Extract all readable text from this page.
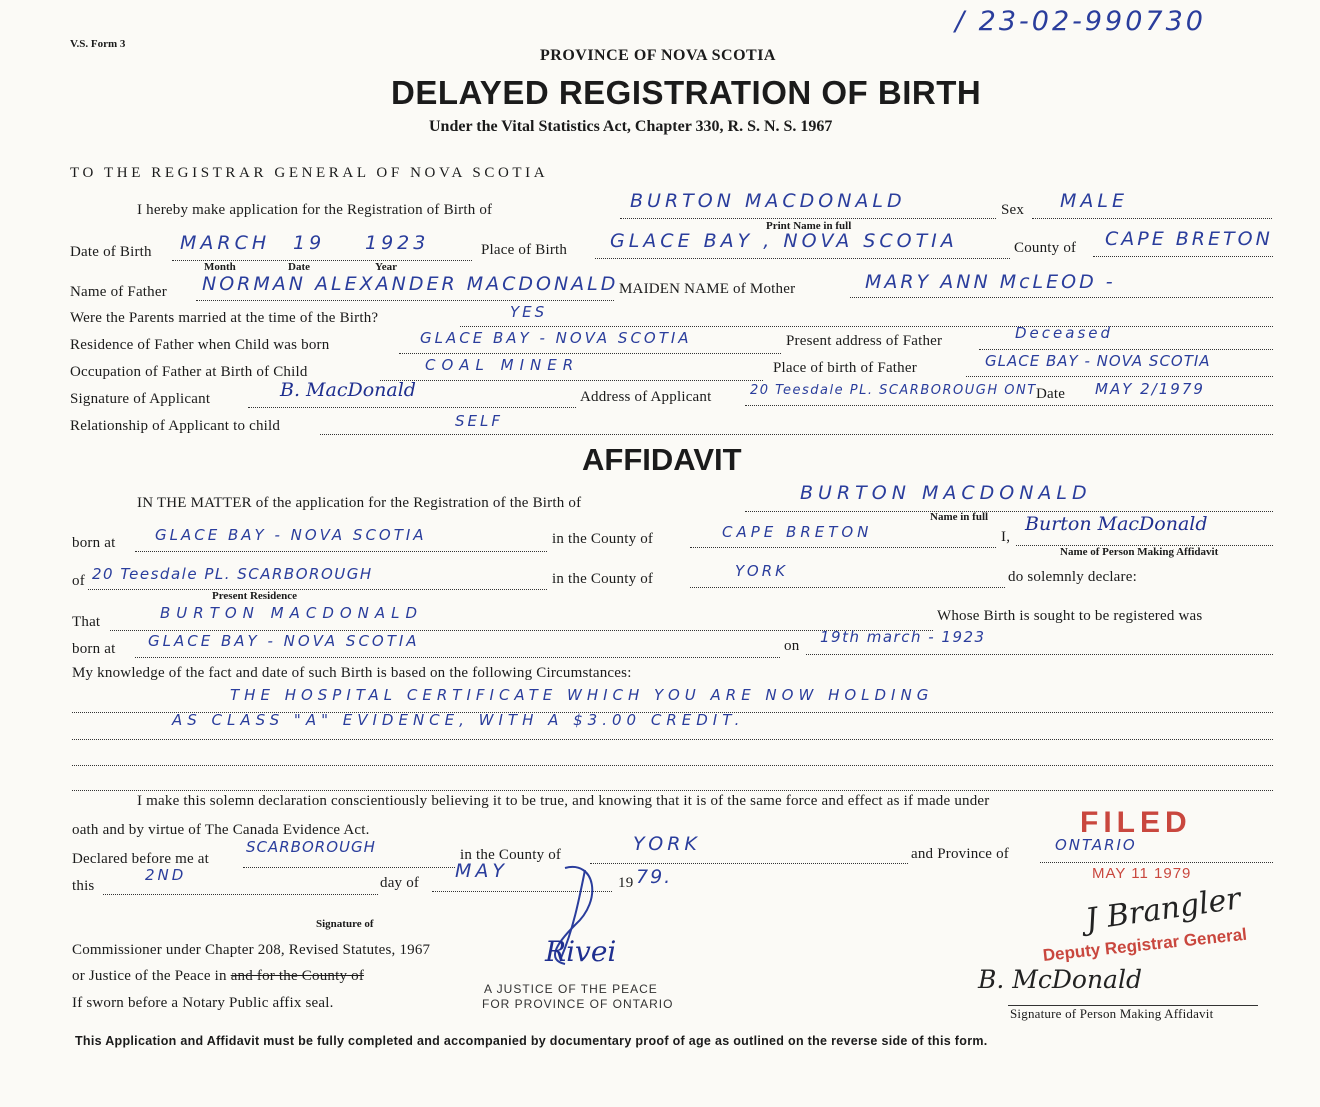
V.S. Form 3
/ 23-02-990730
PROVINCE OF NOVA SCOTIA
DELAYED REGISTRATION OF BIRTH
Under the Vital Statistics Act, Chapter 330, R. S. N. S. 1967
TO THE REGISTRAR GENERAL OF NOVA SCOTIA
I hereby make application for the Registration of Birth of	BURTON MACDONALD
Print Name in full
Sex MALE
Date of Birth MARCH 19 1923
Month	Date	Year
Place of Birth GLACE BAY , NOVA SCOTIA	County of CAPE BRETON
Name of Father NORMAN ALEXANDER MACDONALD MAIDEN NAME of Mother	MARY ANN McLEOD -
Were the Parents married at the time of the Birth?	YES
Residence of Father when Child was born	GLACE BAY - NOVA SCOTIA	Present address of Father	Deceased
Occupation of Father at Birth of Child	COAL MINER	Place of birth of Father	GLACE BAY - NOVA SCOTIA
Signature of Applicant	B. MacDonald	Address of Applicant	20 Teesdale PL. SCARBOROUGH ONT Date MAY 2/1979
Relationship of Applicant to child	SELF
AFFIDAVIT
IN THE MATTER of the application for the Registration of the Birth of	BURTON MACDONALD
Name in full
born at	GLACE BAY - NOVA SCOTIA	in the County of	CAPE BRETON	I,
Burton MacDonald
Name of Person Making Affidavit
of 20 Teesdale PL. SCARBOROUGH
Present Residence
in the County of	YORK	do solemnly declare:
That	BURTON MACDONALD	Whose Birth is sought to be registered was
born at GLACE BAY - NOVA SCOTIA	on 19th march - 1923
My knowledge of the fact and date of such Birth is based on the following Circumstances:
THE HOSPITAL CERTIFICATE WHICH YOU ARE NOW HOLDING
AS CLASS "A" EVIDENCE, WITH A $3.00 CREDIT.
I make this solemn declaration conscientiously believing it to be true, and knowing that it is of the same force and effect as if made under
oath and by virtue of The Canada Evidence Act.
Declared before me at
SCARBOROUGH	in the County of	YORK	and Province of	ONTARIO
this
2ND	day of
MAY
19 79.
Signature of
Commissioner under Chapter 208, Revised Statutes, 1967
or Justice of the Peace in and for the County of
If sworn before a Notary Public affix seal.
Rivei
A JUSTICE OF THE PEACE
FOR PROVINCE OF ONTARIO
FILED
MAY 11 1979
Deputy Registrar General
J Brangler
B. McDonald
Signature of Person Making Affidavit
This Application and Affidavit must be fully completed and accompanied by documentary proof of age as outlined on the reverse side of this form.
